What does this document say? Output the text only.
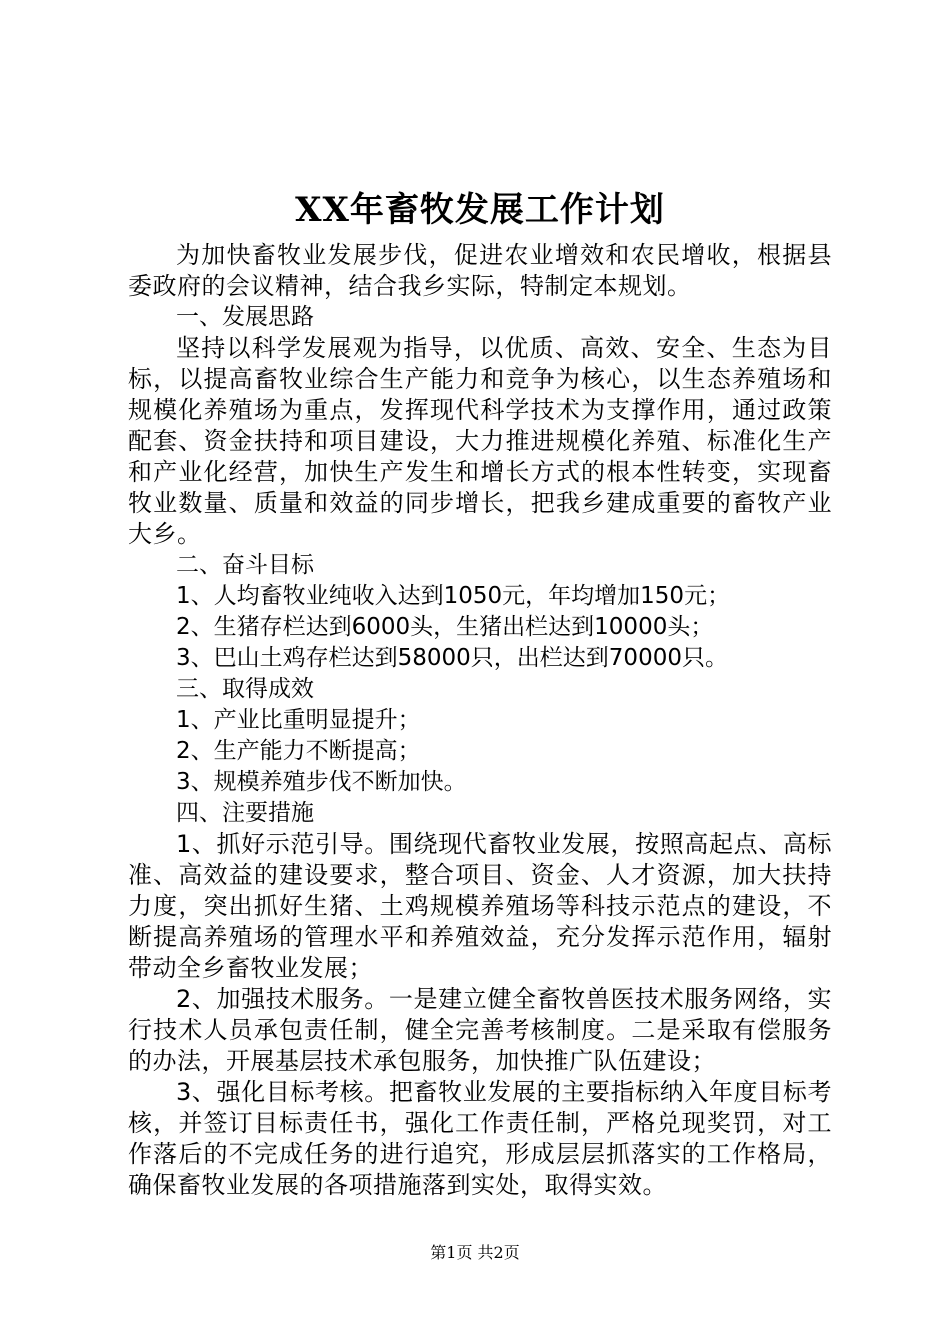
XX年畜牧发展工作计划

为加快畜牧业发展步伐，促进农业增效和农民增收，根据县委政府的会议精神，结合我乡实际，特制定本规划。

一、发展思路

坚持以科学发展观为指导，以优质、高效、安全、生态为目标，以提高畜牧业综合生产能力和竞争为核心，以生态养殖场和规模化养殖场为重点，发挥现代科学技术为支撑作用，通过政策配套、资金扶持和项目建设，大力推进规模化养殖、标准化生产和产业化经营，加快生产发生和增长方式的根本性转变，实现畜牧业数量、质量和效益的同步增长，把我乡建成重要的畜牧产业大乡。

二、奋斗目标

1、人均畜牧业纯收入达到1050元，年均增加150元；

2、生猪存栏达到6000头，生猪出栏达到10000头；

3、巴山土鸡存栏达到58000只，出栏达到70000只。

三、取得成效

1、产业比重明显提升；

2、生产能力不断提高；

3、规模养殖步伐不断加快。

四、注要措施

1、抓好示范引导。围绕现代畜牧业发展，按照高起点、高标准、高效益的建设要求，整合项目、资金、人才资源，加大扶持力度，突出抓好生猪、土鸡规模养殖场等科技示范点的建设，不断提高养殖场的管理水平和养殖效益，充分发挥示范作用，辐射带动全乡畜牧业发展；

2、加强技术服务。一是建立健全畜牧兽医技术服务网络，实行技术人员承包责任制，健全完善考核制度。二是采取有偿服务的办法，开展基层技术承包服务，加快推广队伍建设；

3、强化目标考核。把畜牧业发展的主要指标纳入年度目标考核，并签订目标责任书，强化工作责任制，严格兑现奖罚，对工作落后的不完成任务的进行追究，形成层层抓落实的工作格局，确保畜牧业发展的各项措施落到实处，取得实效。

第1页 共2页
